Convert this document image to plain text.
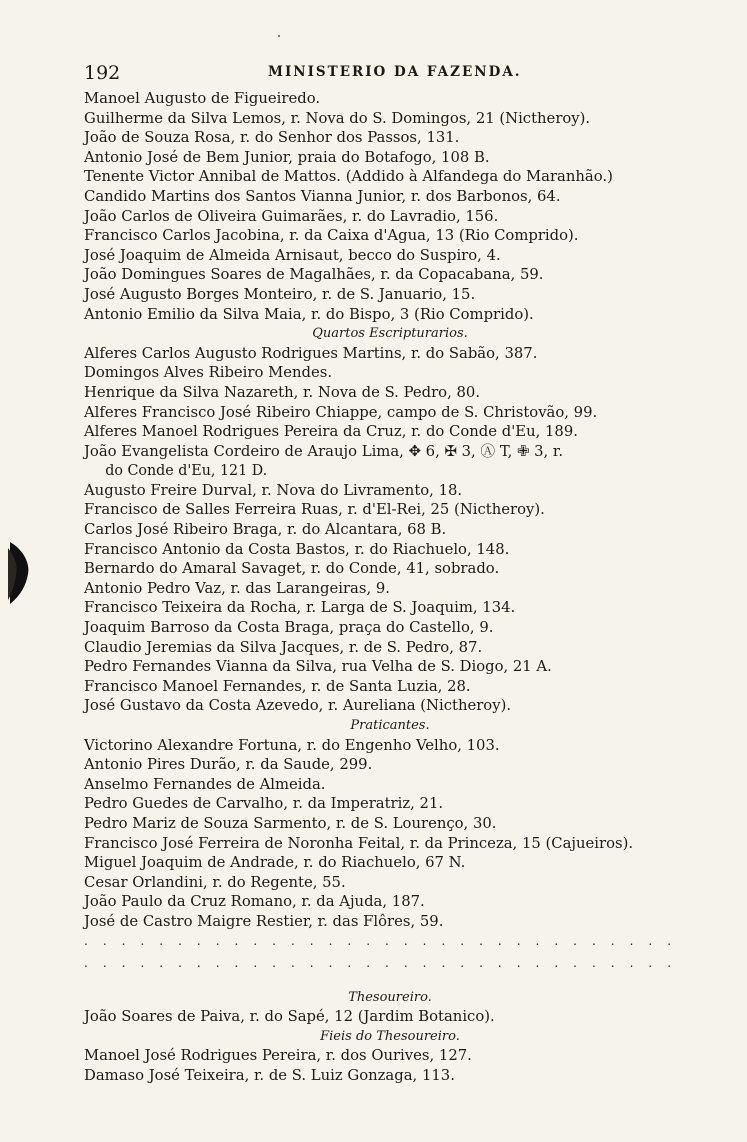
192	MINISTERIO DA FAZENDA.
Manoel Augusto de Figueiredo.
Guilherme da Silva Lemos, r. Nova do S. Domingos, 21 (Nictheroy).
João de Souza Rosa, r. do Senhor dos Passos, 131.
Antonio José de Bem Junior, praia do Botafogo, 108 B.
Tenente Victor Annibal de Mattos. (Addido à Alfandega do Maranhão.)
Candido Martins dos Santos Vianna Junior, r. dos Barbonos, 64.
João Carlos de Oliveira Guimarães, r. do Lavradio, 156.
Francisco Carlos Jacobina, r. da Caixa d'Agua, 13 (Rio Comprido).
José Joaquim de Almeida Arnisaut, becco do Suspiro, 4.
João Domingues Soares de Magalhães, r. da Copacabana, 59.
José Augusto Borges Monteiro, r. de S. Januario, 15.
Antonio Emilio da Silva Maia, r. do Bispo, 3 (Rio Comprido).
Quartos Escripturarios.
Alferes Carlos Augusto Rodrigues Martins, r. do Sabão, 387.
Domingos Alves Ribeiro Mendes.
Henrique da Silva Nazareth, r. Nova de S. Pedro, 80.
Alferes Francisco José Ribeiro Chiappe, campo de S. Christovão, 99.
Alferes Manoel Rodrigues Pereira da Cruz, r. do Conde d'Eu, 189.
João Evangelista Cordeiro de Araujo Lima, ✥ 6, ✠ 3, Ⓐ T, ✙ 3, r.
do Conde d'Eu, 121 D.
Augusto Freire Durval, r. Nova do Livramento, 18.
Francisco de Salles Ferreira Ruas, r. d'El-Rei, 25 (Nictheroy).
Carlos José Ribeiro Braga, r. do Alcantara, 68 B.
Francisco Antonio da Costa Bastos, r. do Riachuelo, 148.
Bernardo do Amaral Savaget, r. do Conde, 41, sobrado.
Antonio Pedro Vaz, r. das Larangeiras, 9.
Francisco Teixeira da Rocha, r. Larga de S. Joaquim, 134.
Joaquim Barroso da Costa Braga, praça do Castello, 9.
Claudio Jeremias da Silva Jacques, r. de S. Pedro, 87.
Pedro Fernandes Vianna da Silva, rua Velha de S. Diogo, 21 A.
Francisco Manoel Fernandes, r. de Santa Luzia, 28.
José Gustavo da Costa Azevedo, r. Aureliana (Nictheroy).
Praticantes.
Victorino Alexandre Fortuna, r. do Engenho Velho, 103.
Antonio Pires Durão, r. da Saude, 299.
Anselmo Fernandes de Almeida.
Pedro Guedes de Carvalho, r. da Imperatriz, 21.
Pedro Mariz de Souza Sarmento, r. de S. Lourenço, 30.
Francisco José Ferreira de Noronha Feital, r. da Princeza, 15 (Cajueiros).
Miguel Joaquim de Andrade, r. do Riachuelo, 67 N.
Cesar Orlandini, r. do Regente, 55.
João Paulo da Cruz Romano, r. da Ajuda, 187.
José de Castro Maigre Restier, r. das Flôres, 59.
................................
................................
Thesoureiro.
João Soares de Paiva, r. do Sapé, 12 (Jardim Botanico).
Fieis do Thesoureiro.
Manoel José Rodrigues Pereira, r. dos Ourives, 127.
Damaso José Teixeira, r. de S. Luiz Gonzaga, 113.
